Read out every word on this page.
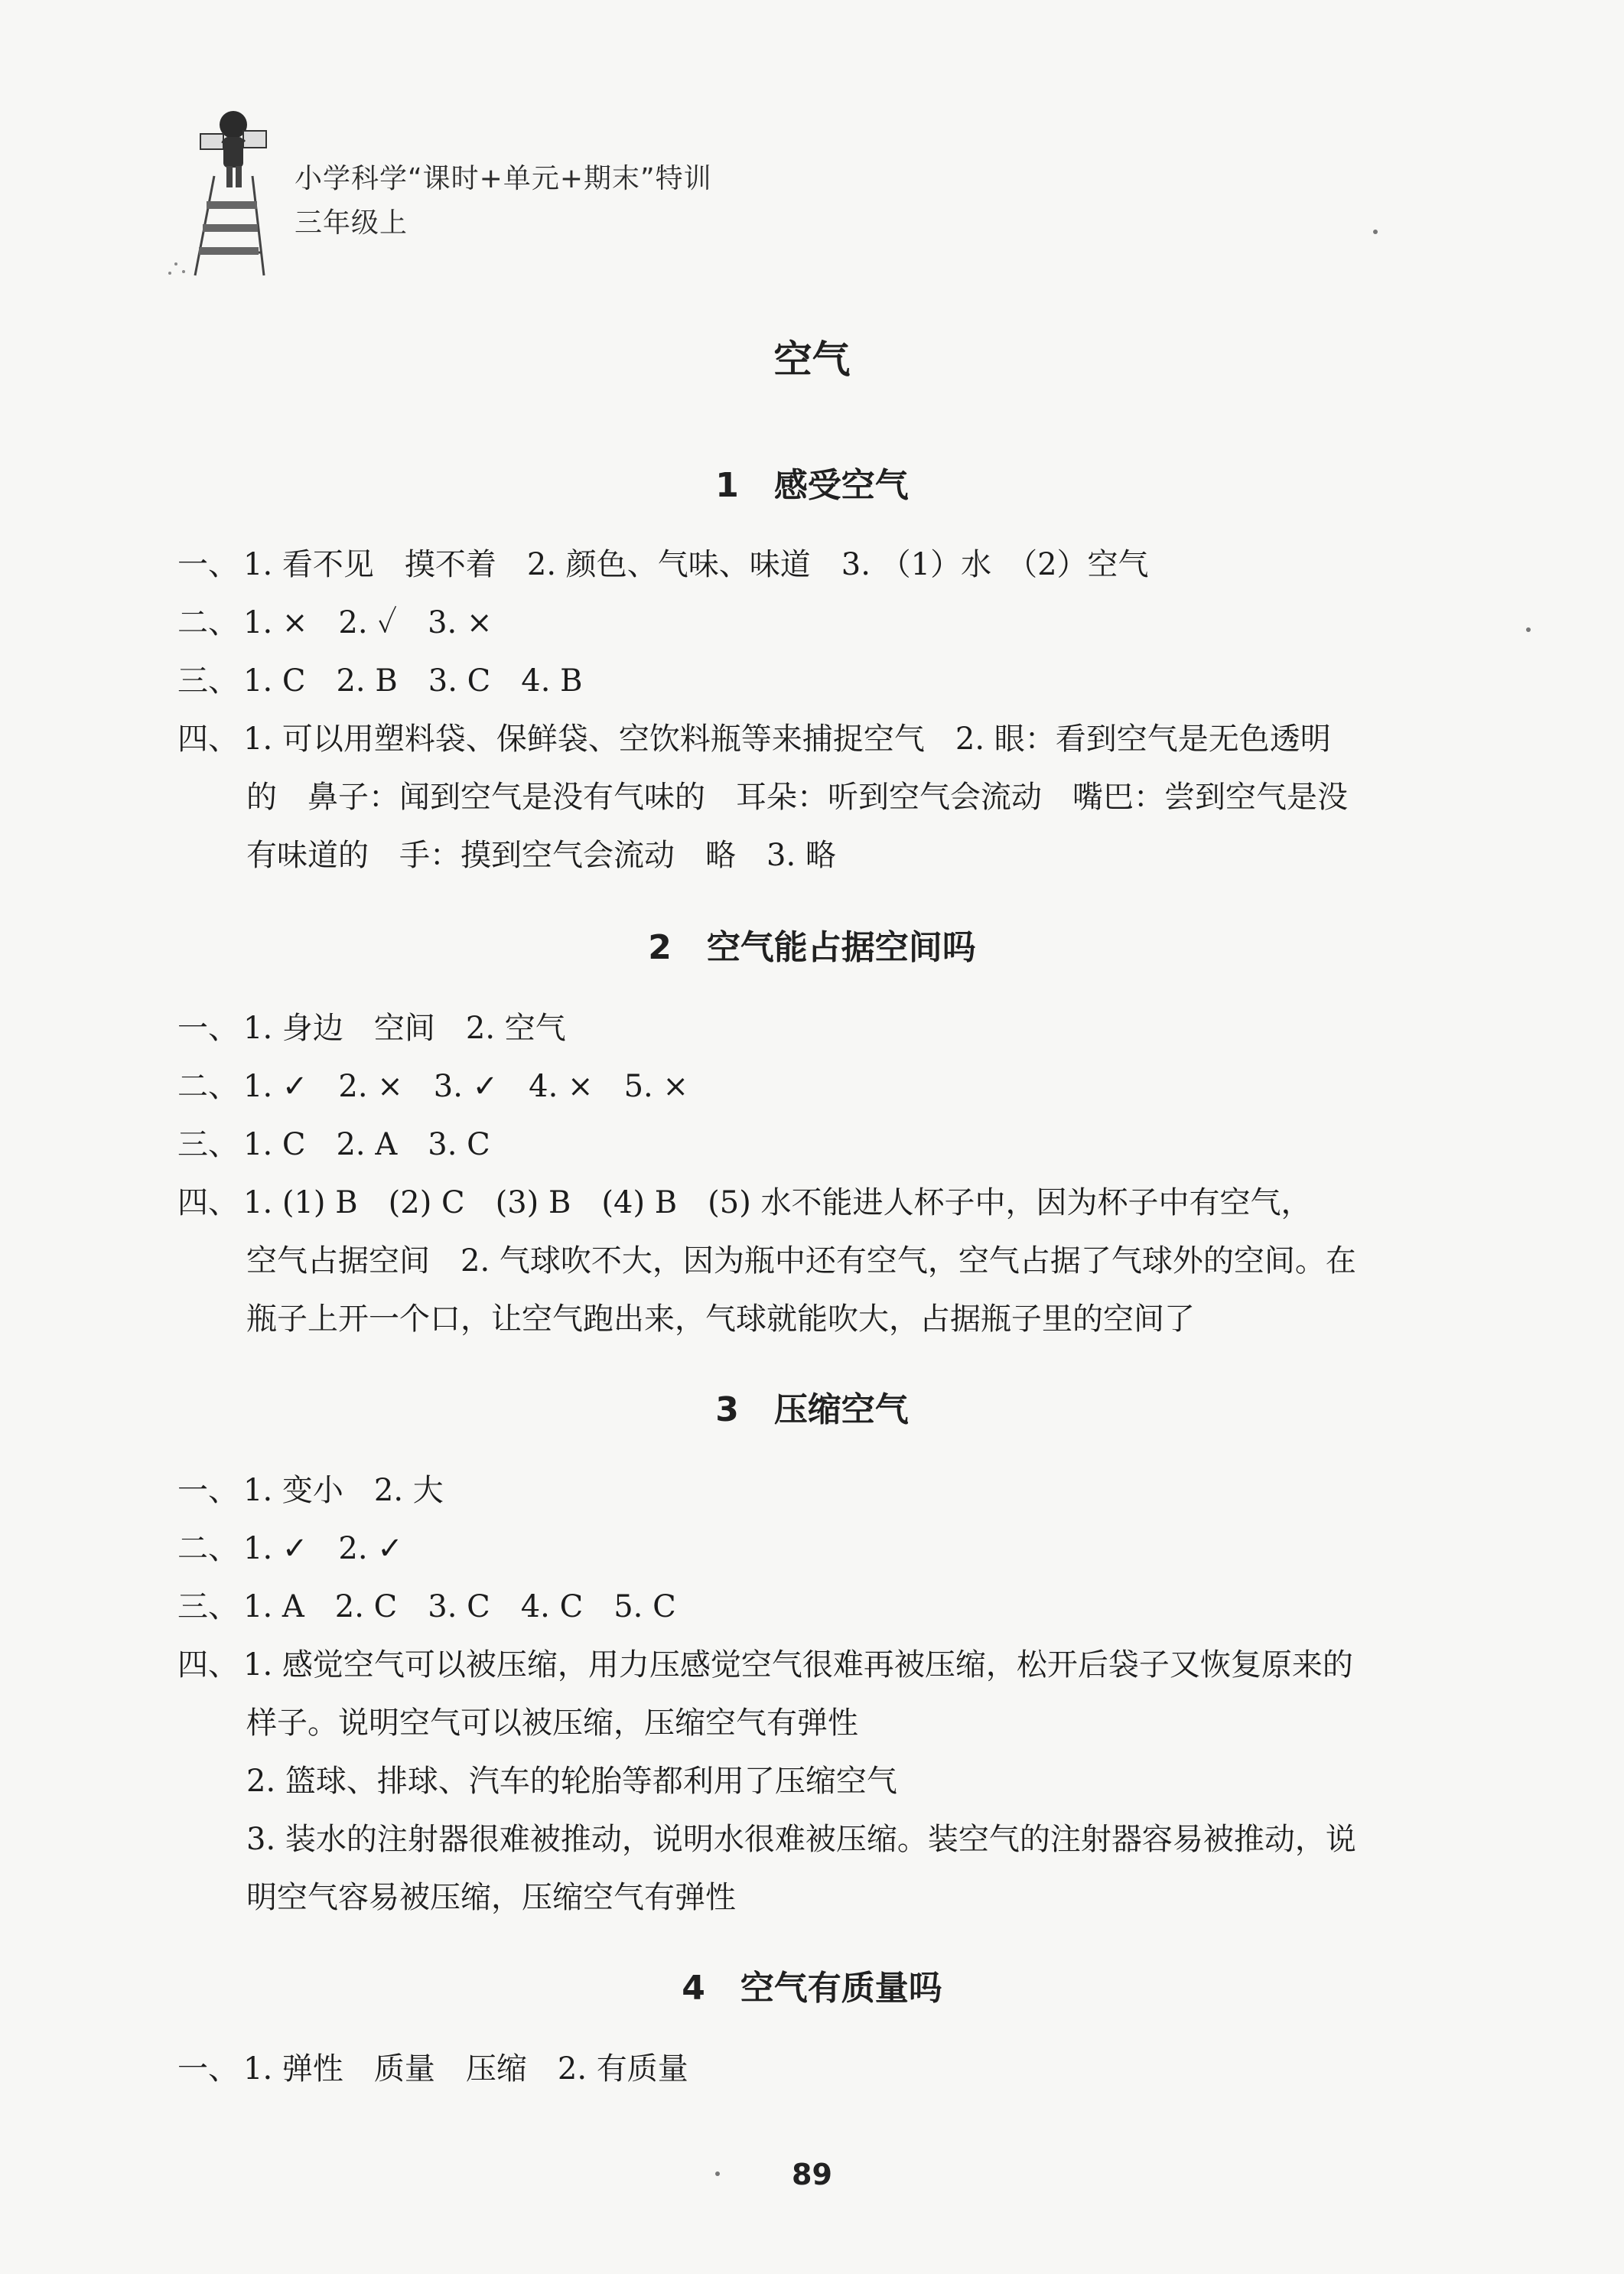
小学科学“课时+单元+期末”特训
三年级上
空气
1 感受空气
一、 1. 看不见　摸不着　2. 颜色、气味、味道　3. （1）水　（2）空气
二、 1. ×　2. ✓　3. ×
三、 1. C　2. B　3. C　4. B
四、 1. 可以用塑料袋、保鲜袋、空饮料瓶等来捕捉空气　2. 眼：看到空气是无色透明
的　鼻子：闻到空气是没有气味的　耳朵：听到空气会流动　嘴巴：尝到空气是没
有味道的　手：摸到空气会流动　略　3. 略
2 空气能占据空间吗
一、 1. 身边　空间　2. 空气
二、 1. ✓　2. ×　3. ✓　4. ×　5. ×
三、 1. C　2. A　3. C
四、 1. (1) B　(2) C　(3) B　(4) B　(5) 水不能进人杯子中，因为杯子中有空气，
空气占据空间　2. 气球吹不大，因为瓶中还有空气，空气占据了气球外的空间。在
瓶子上开一个口，让空气跑出来，气球就能吹大，占据瓶子里的空间了
3 压缩空气
一、 1. 变小　2. 大
二、 1. ✓　2. ✓
三、 1. A　2. C　3. C　4. C　5. C
四、 1. 感觉空气可以被压缩，用力压感觉空气很难再被压缩，松开后袋子又恢复原来的
样子。说明空气可以被压缩，压缩空气有弹性
2. 篮球、排球、汽车的轮胎等都利用了压缩空气
3. 装水的注射器很难被推动，说明水很难被压缩。装空气的注射器容易被推动，说
明空气容易被压缩，压缩空气有弹性
4 空气有质量吗
一、 1. 弹性　质量　压缩　2. 有质量
89
